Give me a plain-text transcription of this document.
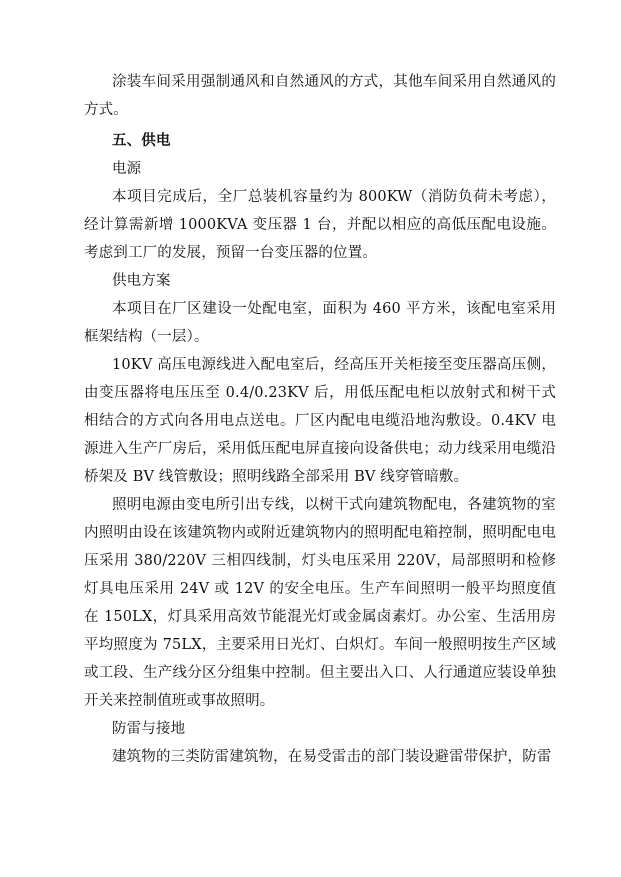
涂装车间采用强制通风和自然通风的方式，其他车间采用自然通风的方式。

五、供电

电源

本项目完成后，全厂总装机容量约为 800KW（消防负荷未考虑），经计算需新增 1000KVA 变压器 1 台，并配以相应的高低压配电设施。考虑到工厂的发展，预留一台变压器的位置。

供电方案

本项目在厂区建设一处配电室，面积为 460 平方米，该配电室采用框架结构（一层）。

10KV 高压电源线进入配电室后，经高压开关柜接至变压器高压侧，由变压器将电压压至 0.4/0.23KV 后，用低压配电柜以放射式和树干式相结合的方式向各用电点送电。厂区内配电电缆沿地沟敷设。0.4KV 电源进入生产厂房后，采用低压配电屏直接向设备供电；动力线采用电缆沿桥架及 BV 线管敷设；照明线路全部采用 BV 线穿管暗敷。

照明电源由变电所引出专线，以树干式向建筑物配电，各建筑物的室内照明由设在该建筑物内或附近建筑物内的照明配电箱控制，照明配电电压采用 380/220V 三相四线制，灯头电压采用 220V，局部照明和检修灯具电压采用 24V 或 12V 的安全电压。生产车间照明一般平均照度值在 150LX，灯具采用高效节能混光灯或金属卤素灯。办公室、生活用房平均照度为 75LX，主要采用日光灯、白炽灯。车间一般照明按生产区域或工段、生产线分区分组集中控制。但主要出入口、人行通道应装设单独开关来控制值班或事故照明。

防雷与接地

建筑物的三类防雷建筑物，在易受雷击的部门装设避雷带保护，防雷
